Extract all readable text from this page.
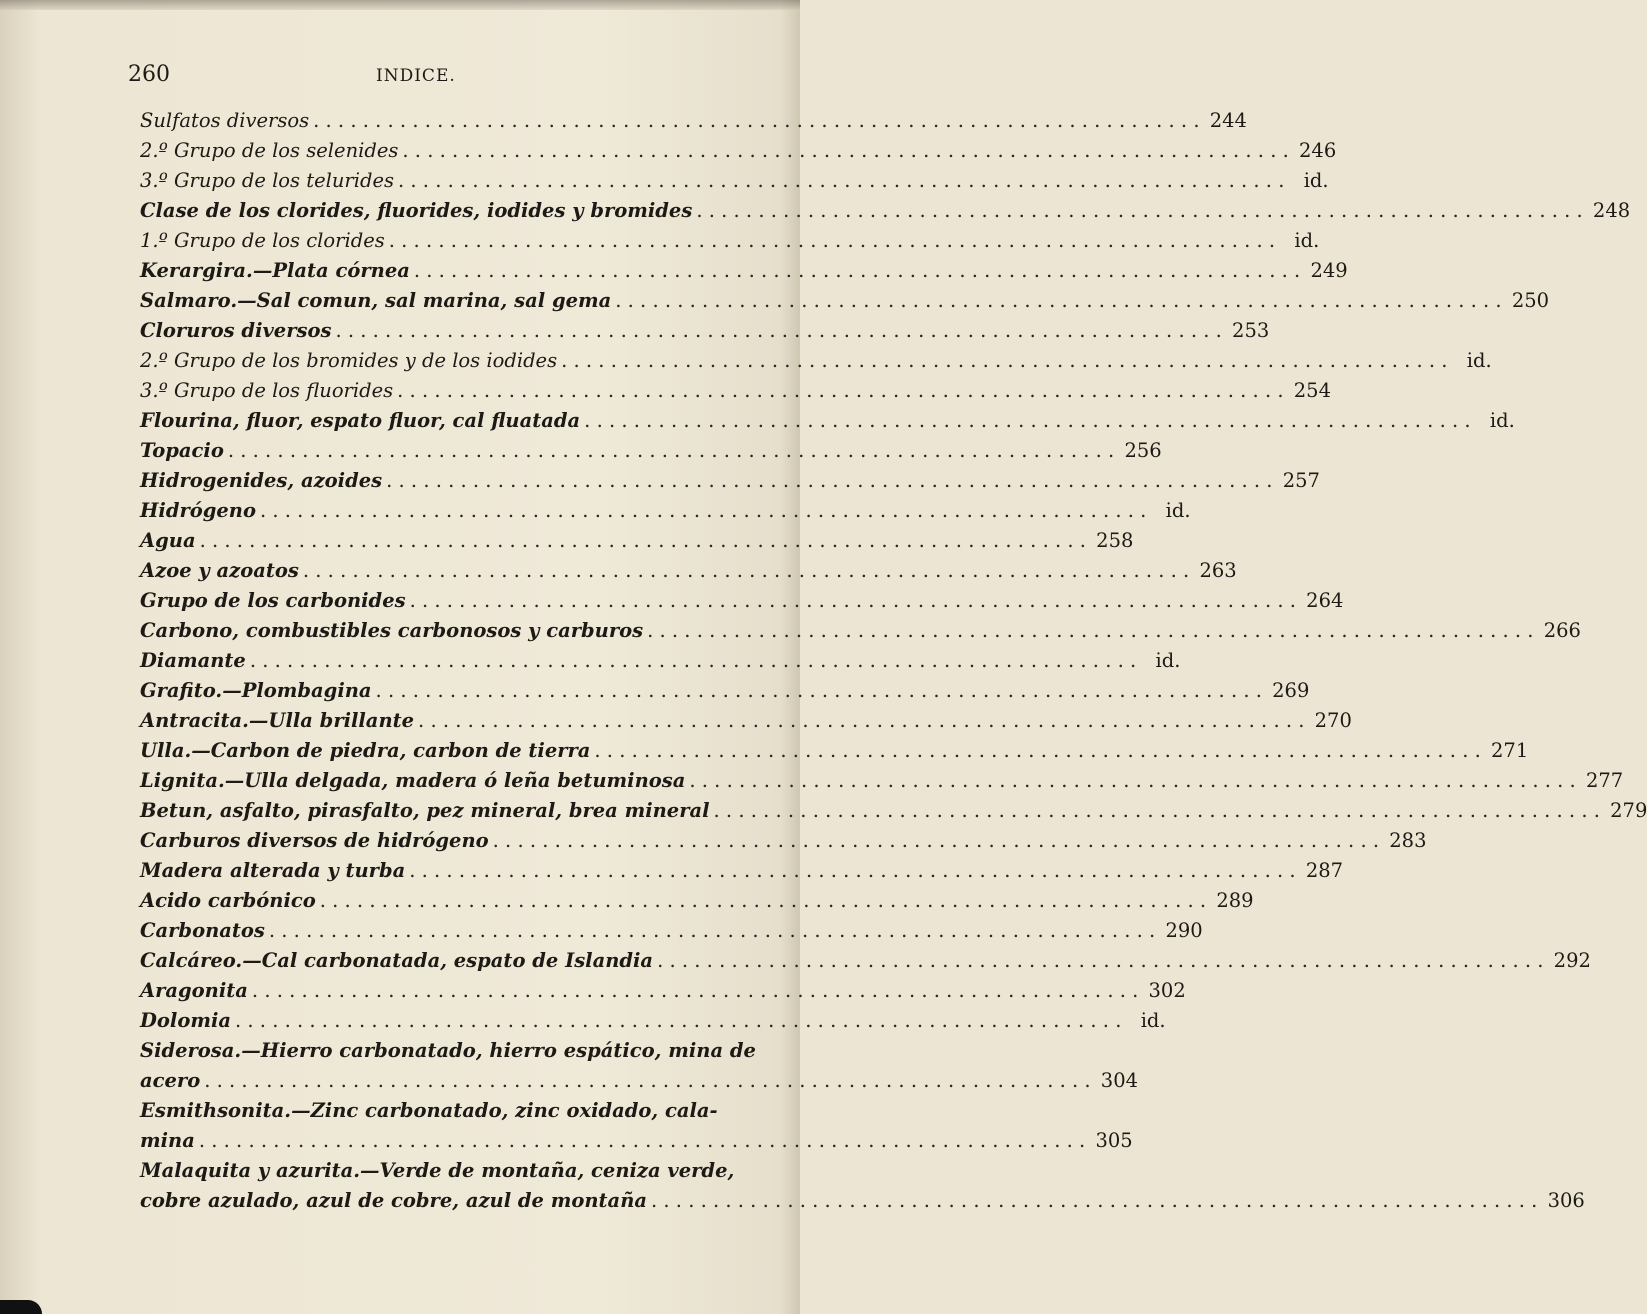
260	INDICE.
Sulfatos diversos . . .	244
2.º Grupo de los selenides . . .	246
3.º Grupo de los telurides . . .	id.
Clase de los clorides, fluorides, iodides y bromides . . .	248
1.º Grupo de los clorides . . .	id.
Kerargira.—Plata córnea . . .	249
Salmaro.—Sal comun, sal marina, sal gema . . .	250
Cloruros diversos . . .	253
2.º Grupo de los bromides y de los iodides . . .	id.
3.º Grupo de los fluorides . . .	254
Flourina, fluor, espato fluor, cal fluatada . . .	id.
Topacio . . .	256
Hidrogenides, azoides . . .	257
Hidrógeno . . .	id.
Agua . . .	258
Azoe y azoatos . . .	263
Grupo de los carbonides . . .	264
Carbono, combustibles carbonosos y carburos . . .	266
Diamante . . .	id.
Grafito.—Plombagina . . .	269
Antracita.—Ulla brillante . . .	270
Ulla.—Carbon de piedra, carbon de tierra . . .	271
Lignita.—Ulla delgada, madera ó leña betuminosa . . .	277
Betun, asfalto, pirasfalto, pez mineral, brea mineral . . .	279
Carburos diversos de hidrógeno . . .	283
Madera alterada y turba . . .	287
Acido carbónico . . .	289
Carbonatos . . .	290
Calcáreo.—Cal carbonatada, espato de Islandia . . .	292
Aragonita . . .	302
Dolomia . . .	id.
Siderosa.—Hierro carbonatado, hierro espático, mina de
acero . . .	304
Esmithsonita.—Zinc carbonatado, zinc oxidado, cala-
mina . . .	305
Malaquita y azurita.—Verde de montaña, ceniza verde,
cobre azulado, azul de cobre, azul de montaña . . .	306
